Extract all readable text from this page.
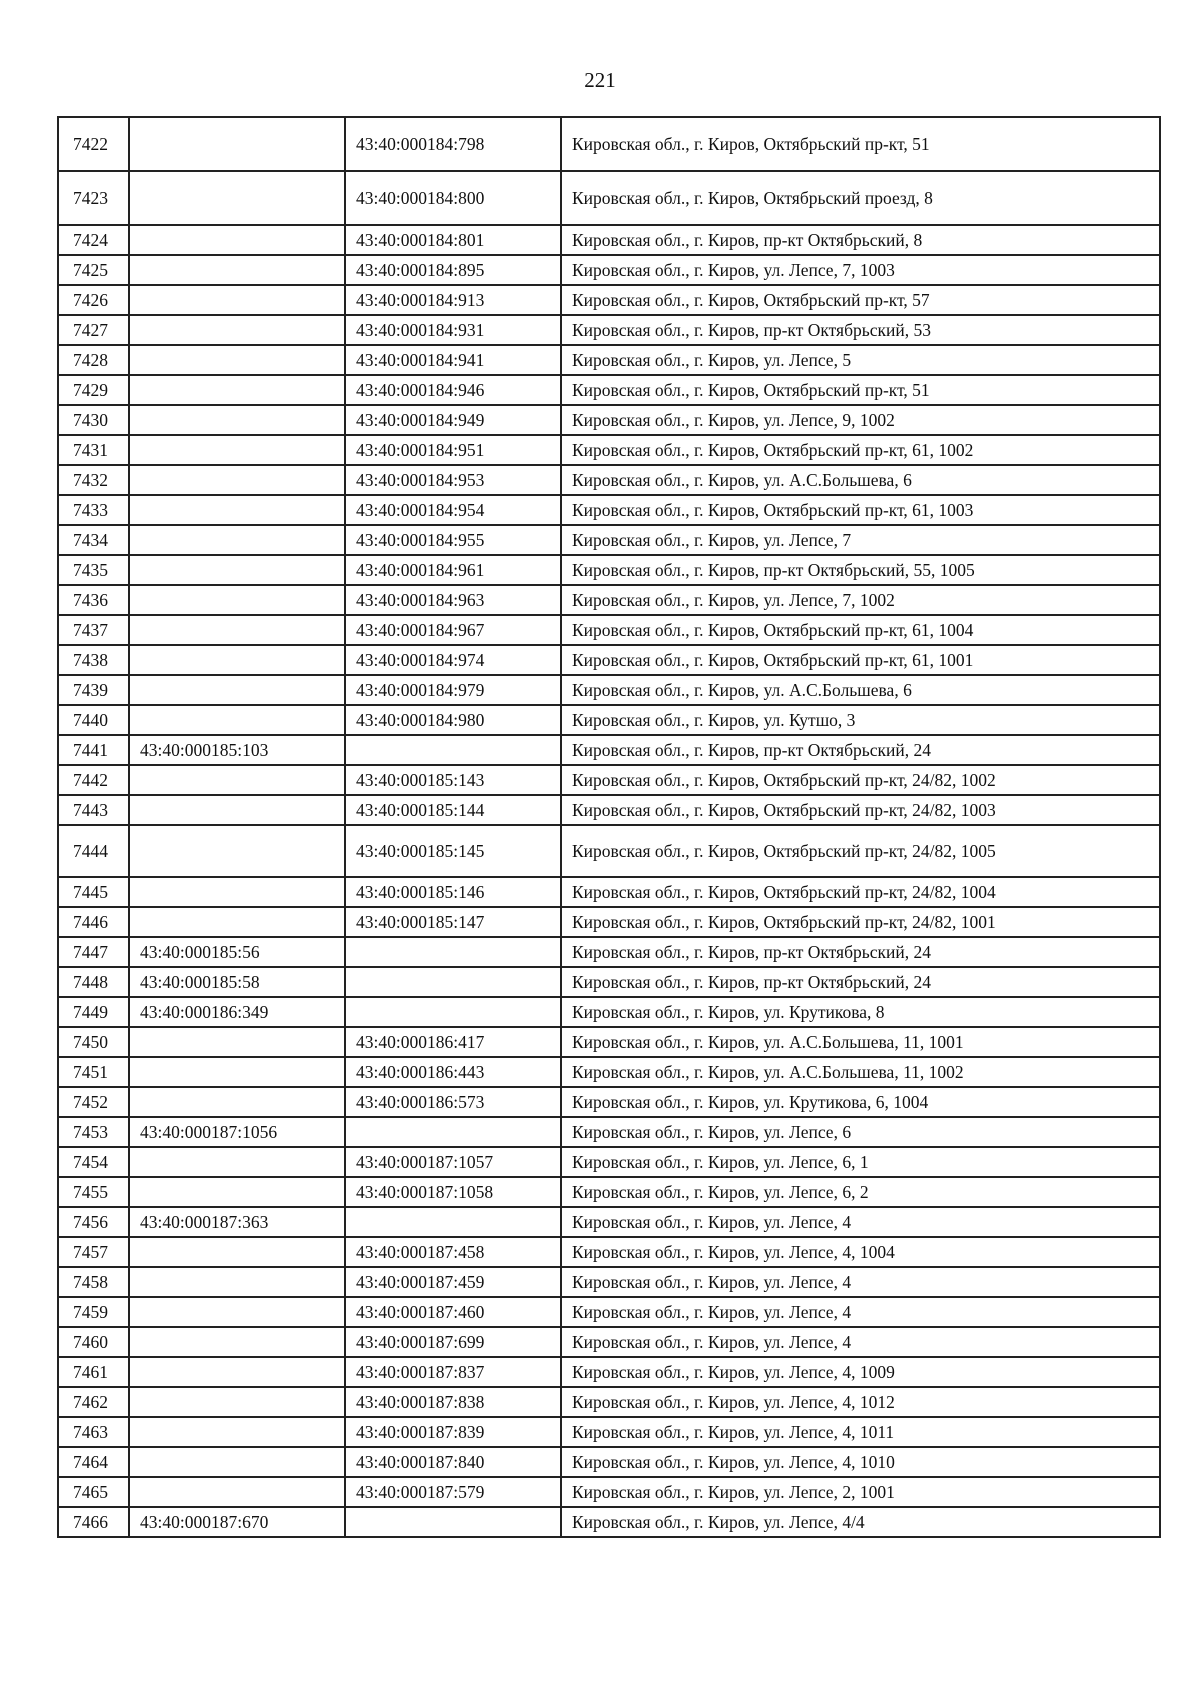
221
7422		43:40:000184:798	Кировская обл., г. Киров, Октябрьский пр-кт, 51
7423		43:40:000184:800	Кировская обл., г. Киров, Октябрьский проезд, 8
7424		43:40:000184:801	Кировская обл., г. Киров, пр-кт Октябрьский, 8
7425		43:40:000184:895	Кировская обл., г. Киров, ул. Лепсе, 7, 1003
7426		43:40:000184:913	Кировская обл., г. Киров, Октябрьский пр-кт, 57
7427		43:40:000184:931	Кировская обл., г. Киров, пр-кт Октябрьский, 53
7428		43:40:000184:941	Кировская обл., г. Киров, ул. Лепсе, 5
7429		43:40:000184:946	Кировская обл., г. Киров, Октябрьский пр-кт, 51
7430		43:40:000184:949	Кировская обл., г. Киров, ул. Лепсе, 9, 1002
7431		43:40:000184:951	Кировская обл., г. Киров, Октябрьский пр-кт, 61, 1002
7432		43:40:000184:953	Кировская обл., г. Киров, ул. А.С.Большева, 6
7433		43:40:000184:954	Кировская обл., г. Киров, Октябрьский пр-кт, 61, 1003
7434		43:40:000184:955	Кировская обл., г. Киров, ул. Лепсе, 7
7435		43:40:000184:961	Кировская обл., г. Киров, пр-кт Октябрьский, 55, 1005
7436		43:40:000184:963	Кировская обл., г. Киров, ул. Лепсе, 7, 1002
7437		43:40:000184:967	Кировская обл., г. Киров, Октябрьский пр-кт, 61, 1004
7438		43:40:000184:974	Кировская обл., г. Киров, Октябрьский пр-кт, 61, 1001
7439		43:40:000184:979	Кировская обл., г. Киров, ул. А.С.Большева, 6
7440		43:40:000184:980	Кировская обл., г. Киров, ул. Кутшо, 3
7441	43:40:000185:103		Кировская обл., г. Киров, пр-кт Октябрьский, 24
7442		43:40:000185:143	Кировская обл., г. Киров, Октябрьский пр-кт, 24/82, 1002
7443		43:40:000185:144	Кировская обл., г. Киров, Октябрьский пр-кт, 24/82, 1003
7444		43:40:000185:145	Кировская обл., г. Киров, Октябрьский пр-кт, 24/82, 1005
7445		43:40:000185:146	Кировская обл., г. Киров, Октябрьский пр-кт, 24/82, 1004
7446		43:40:000185:147	Кировская обл., г. Киров, Октябрьский пр-кт, 24/82, 1001
7447	43:40:000185:56		Кировская обл., г. Киров, пр-кт Октябрьский, 24
7448	43:40:000185:58		Кировская обл., г. Киров, пр-кт Октябрьский, 24
7449	43:40:000186:349		Кировская обл., г. Киров, ул. Крутикова, 8
7450		43:40:000186:417	Кировская обл., г. Киров, ул. А.С.Большева, 11, 1001
7451		43:40:000186:443	Кировская обл., г. Киров, ул. А.С.Большева, 11, 1002
7452		43:40:000186:573	Кировская обл., г. Киров, ул. Крутикова, 6, 1004
7453	43:40:000187:1056		Кировская обл., г. Киров, ул. Лепсе, 6
7454		43:40:000187:1057	Кировская обл., г. Киров, ул. Лепсе, 6, 1
7455		43:40:000187:1058	Кировская обл., г. Киров, ул. Лепсе, 6, 2
7456	43:40:000187:363		Кировская обл., г. Киров, ул. Лепсе, 4
7457		43:40:000187:458	Кировская обл., г. Киров, ул. Лепсе, 4, 1004
7458		43:40:000187:459	Кировская обл., г. Киров, ул. Лепсе, 4
7459		43:40:000187:460	Кировская обл., г. Киров, ул. Лепсе, 4
7460		43:40:000187:699	Кировская обл., г. Киров, ул. Лепсе, 4
7461		43:40:000187:837	Кировская обл., г. Киров, ул. Лепсе, 4, 1009
7462		43:40:000187:838	Кировская обл., г. Киров, ул. Лепсе, 4, 1012
7463		43:40:000187:839	Кировская обл., г. Киров, ул. Лепсе, 4, 1011
7464		43:40:000187:840	Кировская обл., г. Киров, ул. Лепсе, 4, 1010
7465		43:40:000187:579	Кировская обл., г. Киров, ул. Лепсе, 2, 1001
7466	43:40:000187:670		Кировская обл., г. Киров, ул. Лепсе, 4/4
